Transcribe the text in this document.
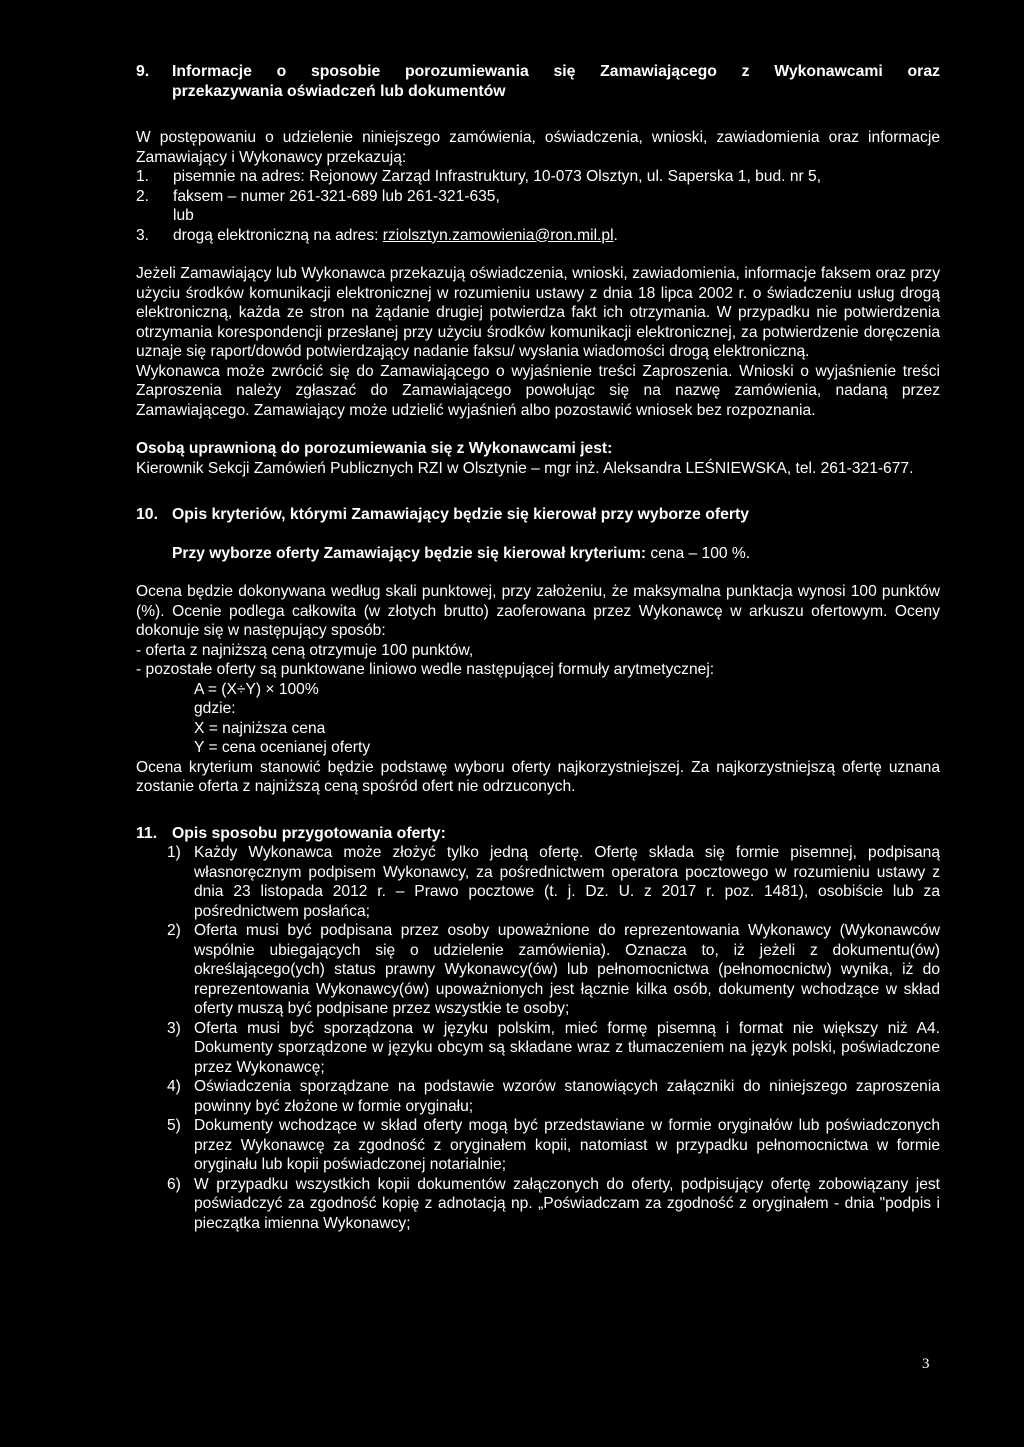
9.	Informacje o sposobie porozumiewania się Zamawiającego z Wykonawcami oraz
przekazywania oświadczeń lub dokumentów

W postępowaniu o udzielenie niniejszego zamówienia, oświadczenia, wnioski, zawiadomienia oraz informacje Zamawiający i Wykonawcy przekazują:

1.	pisemnie na adres: Rejonowy Zarząd Infrastruktury, 10-073 Olsztyn, ul. Saperska 1, bud. nr 5,
2.	faksem – numer 261-321-689 lub 261-321-635,
lub
3.	drogą elektroniczną na adres: rziolsztyn.zamowienia@ron.mil.pl.

Jeżeli Zamawiający lub Wykonawca przekazują oświadczenia, wnioski, zawiadomienia, informacje faksem oraz przy użyciu środków komunikacji elektronicznej w rozumieniu ustawy z dnia 18 lipca 2002 r. o świadczeniu usług drogą elektroniczną, każda ze stron na żądanie drugiej potwierdza fakt ich otrzymania. W przypadku nie potwierdzenia otrzymania korespondencji przesłanej przy użyciu środków komunikacji elektronicznej, za potwierdzenie doręczenia uznaje się raport/dowód potwierdzający nadanie faksu/ wysłania wiadomości drogą elektroniczną.

Wykonawca może zwrócić się do Zamawiającego o wyjaśnienie treści Zaproszenia. Wnioski o wyjaśnienie treści Zaproszenia należy zgłaszać do Zamawiającego powołując się na nazwę zamówienia, nadaną przez Zamawiającego. Zamawiający może udzielić wyjaśnień albo pozostawić wniosek bez rozpoznania.

Osobą uprawnioną do porozumiewania się z Wykonawcami jest:

Kierownik Sekcji Zamówień Publicznych RZI w Olsztynie – mgr inż. Aleksandra LEŚNIEWSKA, tel. 261-321-677.

10. Opis kryteriów, którymi Zamawiający będzie się kierował przy wyborze oferty

Przy wyborze oferty Zamawiający będzie się kierował kryterium: cena – 100 %.

Ocena będzie dokonywana według skali punktowej, przy założeniu, że maksymalna punktacja wynosi 100 punktów (%). Ocenie podlega całkowita (w złotych brutto) zaoferowana przez Wykonawcę w arkuszu ofertowym. Oceny dokonuje się w następujący sposób:

- oferta z najniższą ceną otrzymuje 100 punktów,

- pozostałe oferty są punktowane liniowo wedle następującej formuły arytmetycznej:

A = (X÷Y) × 100%

gdzie:

X = najniższa cena

Y = cena ocenianej oferty

Ocena kryterium stanowić będzie podstawę wyboru oferty najkorzystniejszej. Za najkorzystniejszą ofertę uznana zostanie oferta z najniższą ceną spośród ofert nie odrzuconych.

11. Opis sposobu przygotowania oferty:
1) Każdy Wykonawca może złożyć tylko jedną ofertę. Ofertę składa się formie pisemnej, podpisaną własnoręcznym podpisem Wykonawcy, za pośrednictwem operatora pocztowego w rozumieniu ustawy z dnia 23 listopada 2012 r. – Prawo pocztowe (t. j. Dz. U. z 2017 r. poz. 1481), osobiście lub za pośrednictwem posłańca;
2) Oferta musi być podpisana przez osoby upoważnione do reprezentowania Wykonawcy (Wykonawców wspólnie ubiegających się o udzielenie zamówienia). Oznacza to, iż jeżeli z dokumentu(ów) określającego(ych) status prawny Wykonawcy(ów) lub pełnomocnictwa (pełnomocnictw) wynika, iż do reprezentowania Wykonawcy(ów) upoważnionych jest łącznie kilka osób, dokumenty wchodzące w skład oferty muszą być podpisane przez wszystkie te osoby;
3) Oferta musi być sporządzona w języku polskim, mieć formę pisemną i format nie większy niż A4. Dokumenty sporządzone w języku obcym są składane wraz z tłumaczeniem na język polski, poświadczone przez Wykonawcę;
4) Oświadczenia sporządzane na podstawie wzorów stanowiących załączniki do niniejszego zaproszenia powinny być złożone w formie oryginału;
5) Dokumenty wchodzące w skład oferty mogą być przedstawiane w formie oryginałów lub poświadczonych przez Wykonawcę za zgodność z oryginałem kopii, natomiast w przypadku pełnomocnictwa w formie oryginału lub kopii poświadczonej notarialnie;
6) W przypadku wszystkich kopii dokumentów załączonych do oferty, podpisujący ofertę zobowiązany jest poświadczyć za zgodność kopię z adnotacją np. „Poświadczam za zgodność z oryginałem - dnia "podpis i pieczątka imienna Wykonawcy;
3
